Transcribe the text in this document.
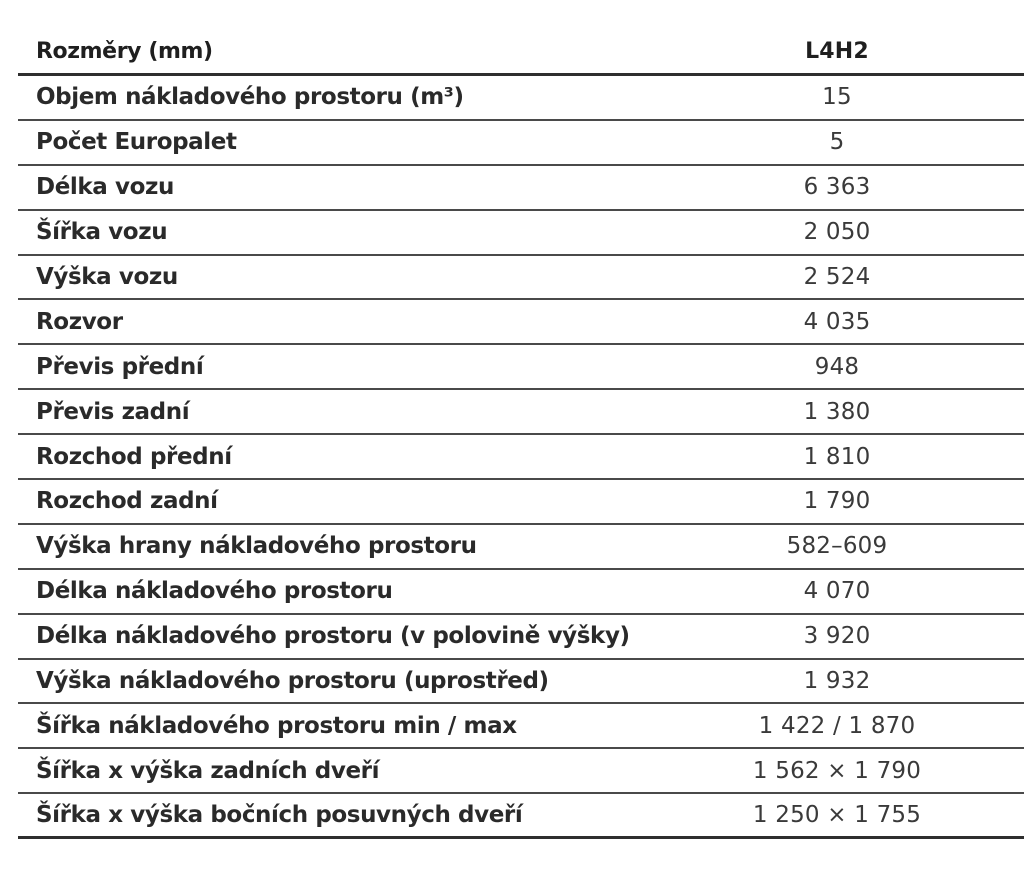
Rozměry (mm)	L4H2
Objem nákladového prostoru (m³)	15
Počet Europalet	5
Délka vozu	6 363
Šířka vozu	2 050
Výška vozu	2 524
Rozvor	4 035
Převis přední	948
Převis zadní	1 380
Rozchod přední	1 810
Rozchod zadní	1 790
Výška hrany nákladového prostoru	582–609
Délka nákladového prostoru	4 070
Délka nákladového prostoru (v polovině výšky)	3 920
Výška nákladového prostoru (uprostřed)	1 932
Šířka nákladového prostoru min / max	1 422 / 1 870
Šířka x výška zadních dveří	1 562 × 1 790
Šířka x výška bočních posuvných dveří	1 250 × 1 755
